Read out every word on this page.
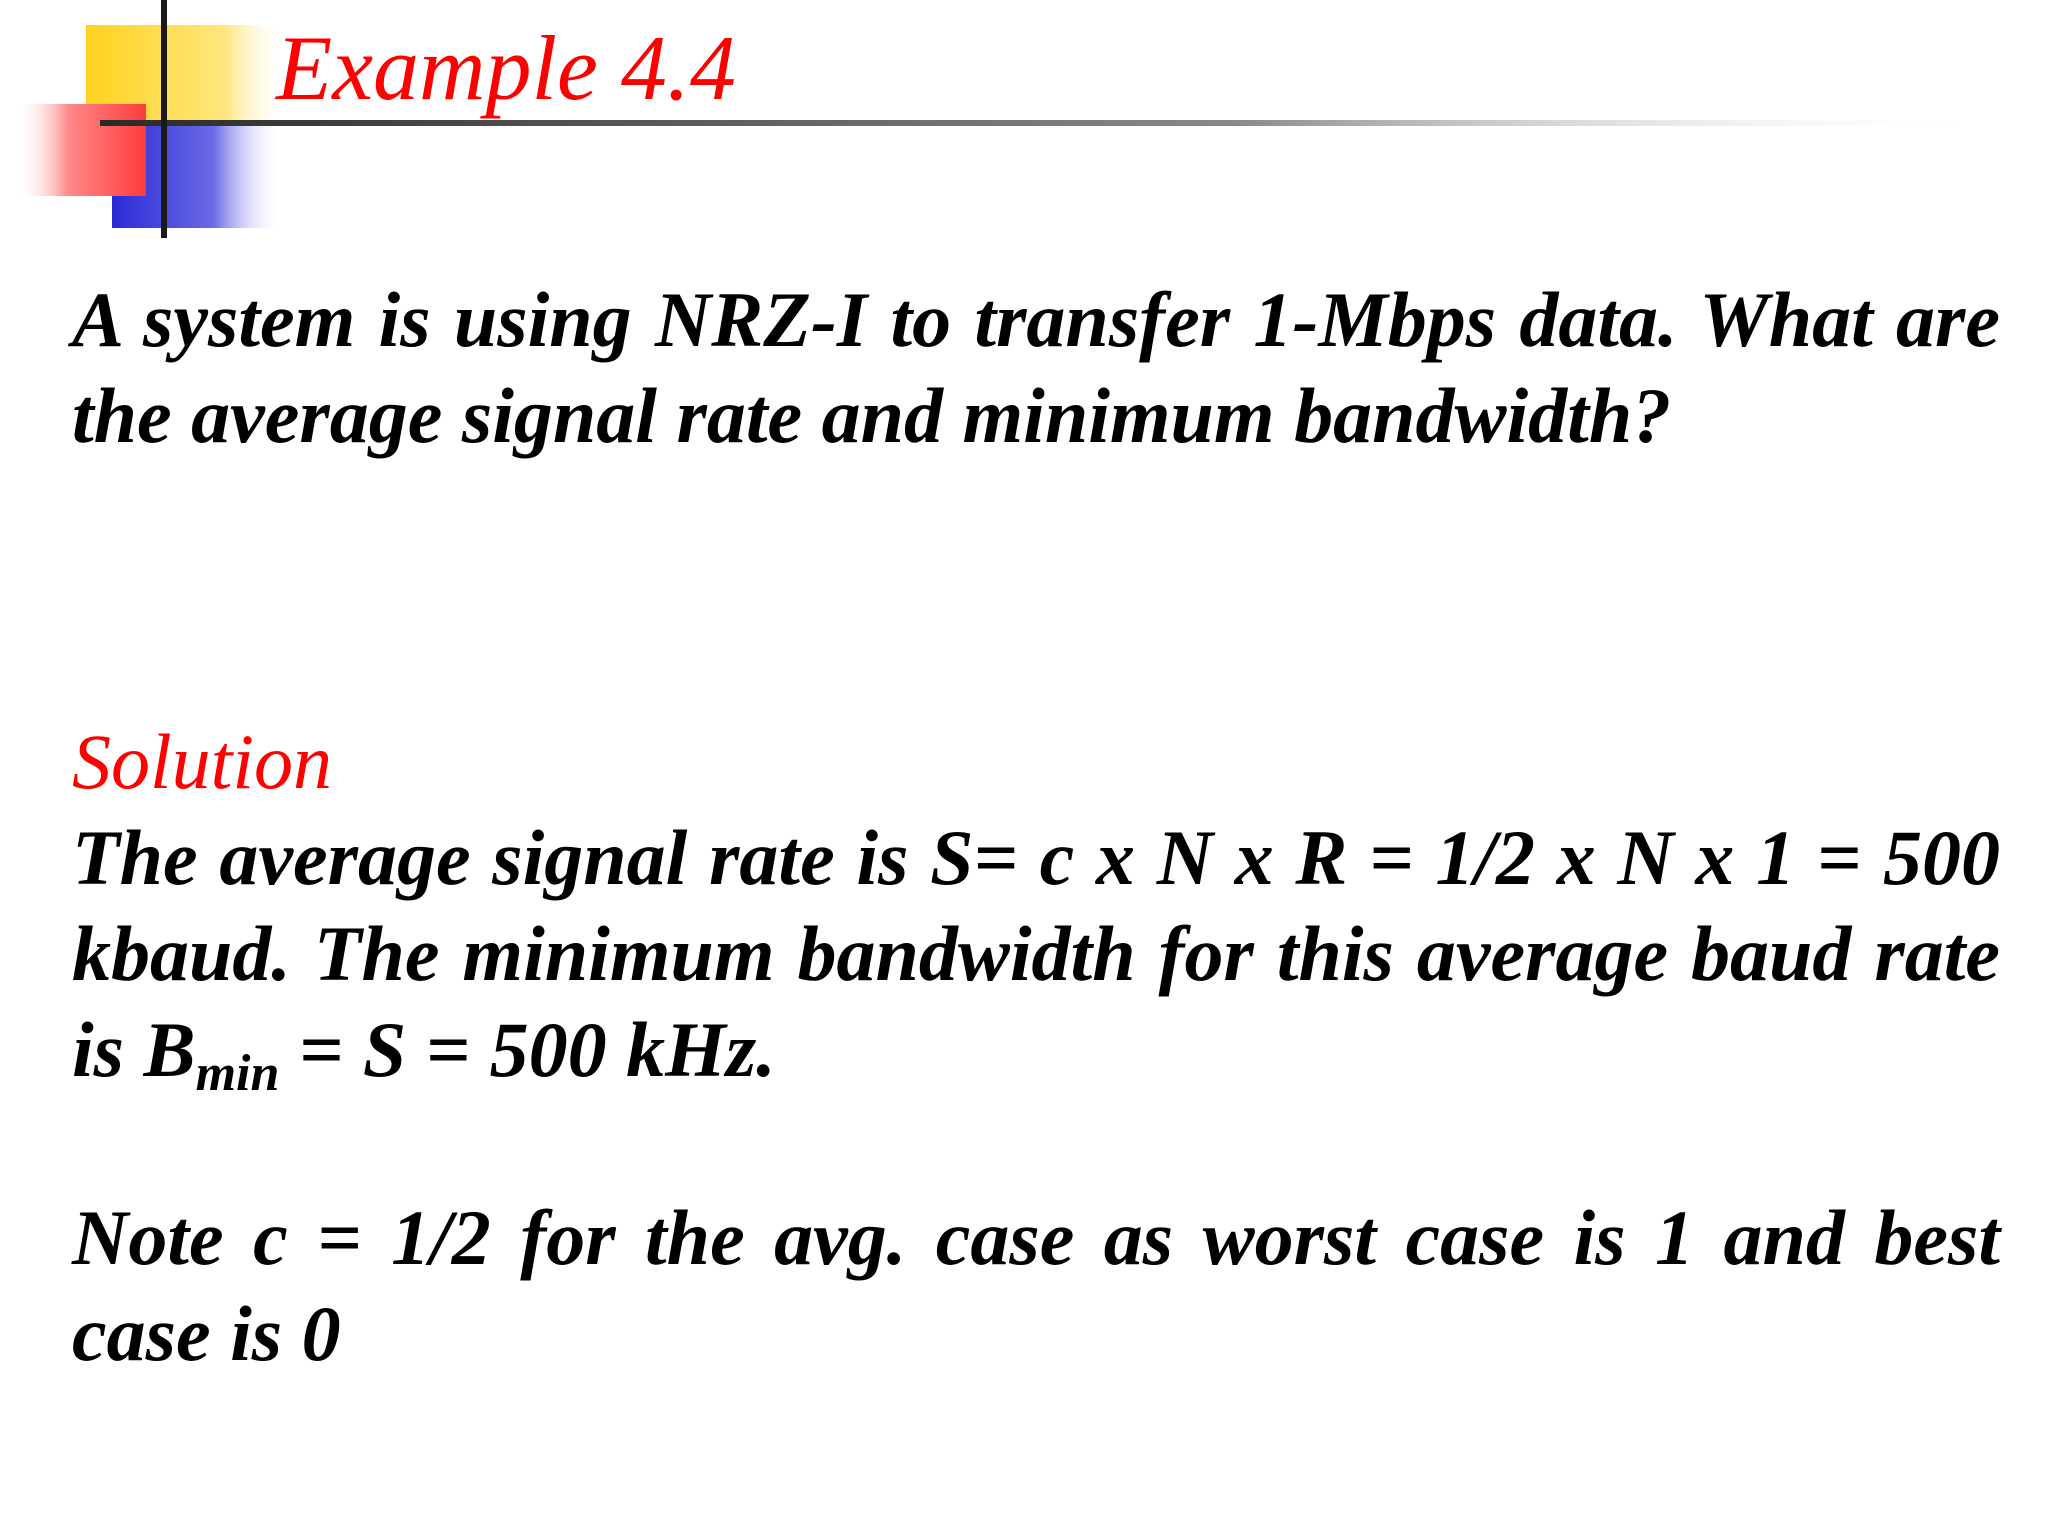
Example 4.4

A system is using NRZ-I to transfer 1-Mbps data. What are the average signal rate and minimum bandwidth?

Solution

The average signal rate is S= c x N x R = 1/2 x N x 1 = 500 kbaud. The minimum bandwidth for this average baud rate is $B_{min} = S = 500$ kHz.

Note c = 1/2 for the avg. case as worst case is 1 and best case is 0
